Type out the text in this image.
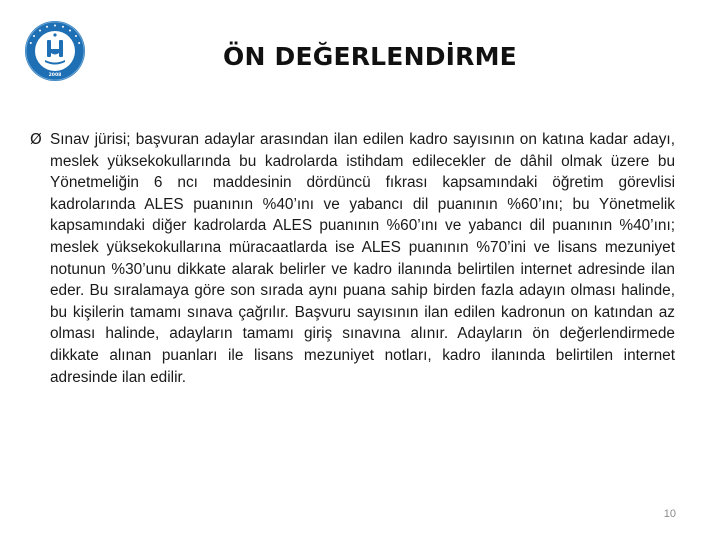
2008
ÖN DEĞERLENDİRME
Ø Sınav jürisi; başvuran adaylar arasından ilan edilen kadro sayısının on katına kadar adayı, meslek yüksekokullarında bu kadrolarda istihdam edilecekler de dâhil olmak üzere bu Yönetmeliğin 6 ncı maddesinin dördüncü fıkrası kapsamındaki öğretim görevlisi kadrolarında ALES puanının %40’ını ve yabancı dil puanının %60’ını; bu Yönetmelik kapsamındaki diğer kadrolarda ALES puanının %60’ını ve yabancı dil puanının %40’ını; meslek yüksekokullarına müracaatlarda ise ALES puanının %70’ini ve lisans mezuniyet notunun %30’unu dikkate alarak belirler ve kadro ilanında belirtilen internet adresinde ilan eder. Bu sıralamaya göre son sırada aynı puana sahip birden fazla adayın olması halinde, bu kişilerin tamamı sınava çağrılır. Başvuru sayısının ilan edilen kadronun on katından az olması halinde, adayların tamamı giriş sınavına alınır. Adayların ön değerlendirmede dikkate alınan puanları ile lisans mezuniyet notları, kadro ilanında belirtilen internet adresinde ilan edilir.
10
